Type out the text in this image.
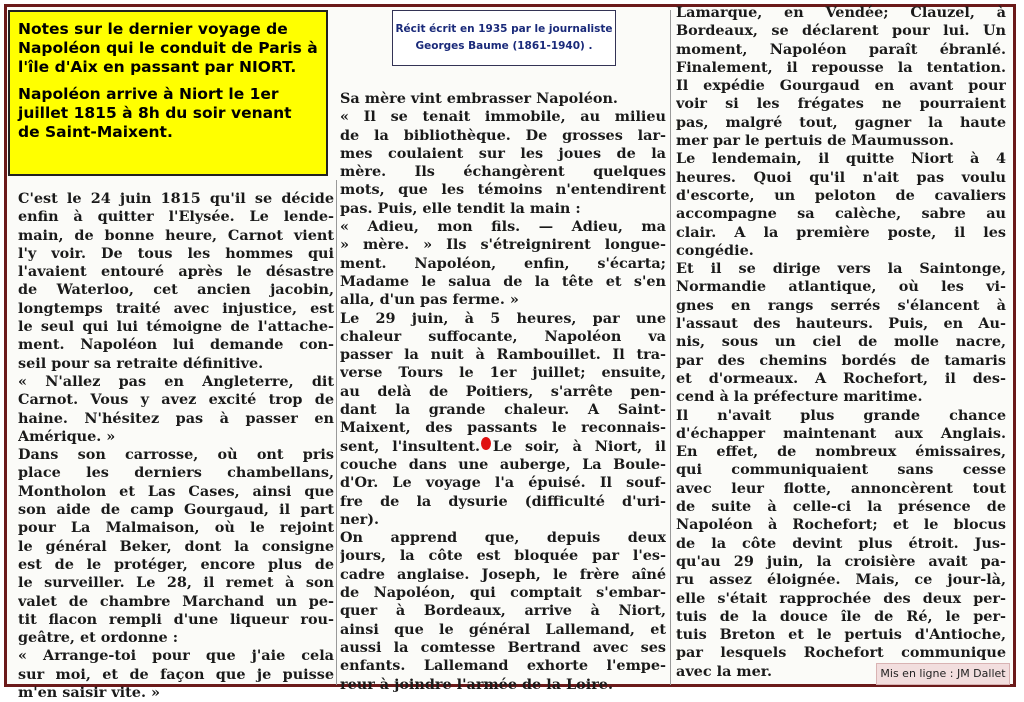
Notes sur le dernier voyage de Napoléon qui le conduit de Paris à l'île d'Aix en passant par NIORT.

Napoléon arrive à Niort le 1er juillet 1815 à 8h du soir venant de Saint-Maixent.

Récit écrit en 1935 par le journaliste
Georges Baume (1861-1940) .
C'est le 24 juin 1815 qu'il se décide
enfin à quitter l'Elysée. Le lende-
main, de bonne heure, Carnot vient
l'y voir. De tous les hommes qui
l'avaient entouré après le désastre
de Waterloo, cet ancien jacobin,
longtemps traité avec injustice, est
le seul qui lui témoigne de l'attache-
ment. Napoléon lui demande con-
seil pour sa retraite définitive.
« N'allez pas en Angleterre, dit
Carnot. Vous y avez excité trop de
haine. N'hésitez pas à passer en
Amérique. »
Dans son carrosse, où ont pris
place les derniers chambellans,
Montholon et Las Cases, ainsi que
son aide de camp Gourgaud, il part
pour La Malmaison, où le rejoint
le général Beker, dont la consigne
est de le protéger, encore plus de
le surveiller. Le 28, il remet à son
valet de chambre Marchand un pe-
tit flacon rempli d'une liqueur rou-
geâtre, et ordonne :
« Arrange-toi pour que j'aie cela
sur moi, et de façon que je puisse
m'en saisir vite. »
Sa mère vint embrasser Napoléon.
« Il se tenait immobile, au milieu
de la bibliothèque. De grosses lar-
mes coulaient sur les joues de la
mère. Ils échangèrent quelques
mots, que les témoins n'entendirent
pas. Puis, elle tendit la main :
« Adieu, mon fils. — Adieu, ma
» mère. » Ils s'étreignirent longue-
ment. Napoléon, enfin, s'écarta;
Madame le salua de la tête et s'en
alla, d'un pas ferme. »
Le 29 juin, à 5 heures, par une
chaleur suffocante, Napoléon va
passer la nuit à Rambouillet. Il tra-
verse Tours le 1er juillet; ensuite,
au delà de Poitiers, s'arrête pen-
dant la grande chaleur. A Saint-
Maixent, des passants le reconnais-
sent, l'insultent. Le soir, à Niort, il
couche dans une auberge, La Boule-
d'Or. Le voyage l'a épuisé. Il souf-
fre de la dysurie (difficulté d'uri-
ner).
On apprend que, depuis deux
jours, la côte est bloquée par l'es-
cadre anglaise. Joseph, le frère aîné
de Napoléon, qui comptait s'embar-
quer à Bordeaux, arrive à Niort,
ainsi que le général Lallemand, et
aussi la comtesse Bertrand avec ses
enfants. Lallemand exhorte l'empe-
reur à joindre l'armée de la Loire.
Lamarque, en Vendée; Clauzel, à
Bordeaux, se déclarent pour lui. Un
moment, Napoléon paraît ébranlé.
Finalement, il repousse la tentation.
Il expédie Gourgaud en avant pour
voir si les frégates ne pourraient
pas, malgré tout, gagner la haute
mer par le pertuis de Maumusson.
Le lendemain, il quitte Niort à 4
heures. Quoi qu'il n'ait pas voulu
d'escorte, un peloton de cavaliers
accompagne sa calèche, sabre au
clair. A la première poste, il les
congédie.
Et il se dirige vers la Saintonge,
Normandie atlantique, où les vi-
gnes en rangs serrés s'élancent à
l'assaut des hauteurs. Puis, en Au-
nis, sous un ciel de molle nacre,
par des chemins bordés de tamaris
et d'ormeaux. A Rochefort, il des-
cend à la préfecture maritime.
Il n'avait plus grande chance
d'échapper maintenant aux Anglais.
En effet, de nombreux émissaires,
qui communiquaient sans cesse
avec leur flotte, annoncèrent tout
de suite à celle-ci la présence de
Napoléon à Rochefort; et le blocus
de la côte devint plus étroit. Jus-
qu'au 29 juin, la croisière avait pa-
ru assez éloignée. Mais, ce jour-là,
elle s'était rapprochée des deux per-
tuis de la douce île de Ré, le per-
tuis Breton et le pertuis d'Antioche,
par lesquels Rochefort communique
avec la mer.
Mis en ligne : JM Dallet
